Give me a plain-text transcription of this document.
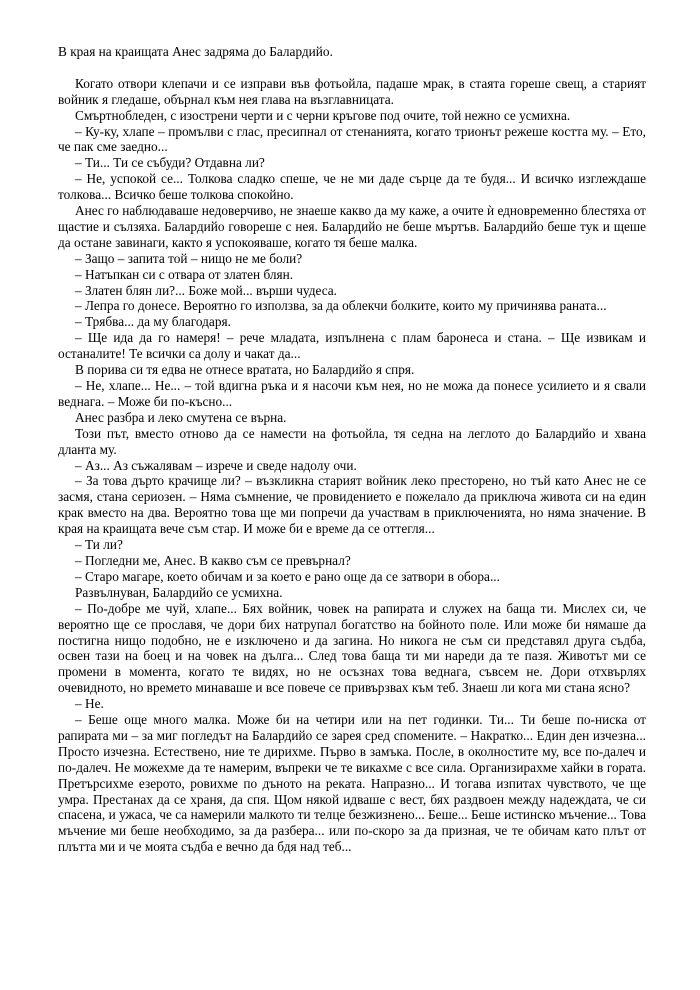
В края на краищата Анес задряма до Балардийо.

Когато отвори клепачи и се изправи във фотьойла, падаше мрак, в стаята гореше свещ, а старият войник я гледаше, обърнал към нея глава на възглавницата.

Смъртнобледен, с изострени черти и с черни кръгове под очите, той нежно се усмихна.

– Ку-ку, хлапе – промълви с глас, пресипнал от стенанията, когато трионът режеше костта му. – Ето, че пак сме заедно...

– Ти... Ти се събуди? Отдавна ли?

– Не, успокой се... Толкова сладко спеше, че не ми даде сърце да те будя... И всичко изглеждаше толкова... Всичко беше толкова спокойно.

Анес го наблюдаваше недоверчиво, не знаеше какво да му каже, а очите ѝ едновременно блестяха от щастие и сълзяха. Балардийо говореше с нея. Балардийо не беше мъртъв. Балардийо беше тук и щеше да остане завинаги, както я успокояваше, когато тя беше малка.

– Защо – запита той – нищо не ме боли?

– Натъпкан си с отвара от златен блян.

– Златен блян ли?... Боже мой... върши чудеса.

– Лепра го донесе. Вероятно го използва, за да облекчи болките, които му причинява раната...

– Трябва... да му благодаря.

– Ще ида да го намеря! – рече младата, изпълнена с плам баронеса и стана. – Ще извикам и останалите! Те всички са долу и чакат да...

В порива си тя едва не отнесе вратата, но Балардийо я спря.

– Не, хлапе... Не... – той вдигна ръка и я насочи към нея, но не можа да понесе усилието и я свали веднага. – Може би по-късно...

Анес разбра и леко смутена се върна.

Този път, вместо отново да се намести на фотьойла, тя седна на леглото до Балардийо и хвана дланта му.

– Аз... Аз съжалявам – изрече и сведе надолу очи.

– За това дърто крачище ли? – възкликна старият войник леко престорено, но тъй като Анес не се засмя, стана сериозен. – Няма съмнение, че провидението е пожелало да приключа живота си на един крак вместо на два. Вероятно това ще ми попречи да участвам в приключенията, но няма значение. В края на краищата вече съм стар. И може би е време да се оттегля...

– Ти ли?

– Погледни ме, Анес. В какво съм се превърнал?

– Старо магаре, което обичам и за което е рано още да се затвори в обора...

Развълнуван, Балардийо се усмихна.

– По-добре ме чуй, хлапе... Бях войник, човек на рапирата и служех на баща ти. Мислех си, че вероятно ще се прославя, че дори бих натрупал богатство на бойното поле. Или може би нямаше да постигна нищо подобно, не е изключено и да загина. Но никога не съм си представял друга съдба, освен тази на боец и на човек на дълга... След това баща ти ми нареди да те пазя. Животът ми се промени в момента, когато те видях, но не осъзнах това веднага, съвсем не. Дори отхвърлях очевидното, но времето минаваше и все повече се привързвах към теб. Знаеш ли кога ми стана ясно?

– Не.

– Беше още много малка. Може би на четири или на пет годинки. Ти... Ти беше по-ниска от рапирата ми – за миг погледът на Балардийо се зарея сред спомените. – Накратко... Един ден изчезна... Просто изчезна. Естествено, ние те дирихме. Първо в замъка. После, в околностите му, все по-далеч и по-далеч. Не можехме да те намерим, въпреки че те викахме с все сила. Организирахме хайки в гората. Претърсихме езерото, ровихме по дъното на реката. Напразно... И тогава изпитах чувството, че ще умра. Престанах да се храня, да спя. Щом някой идваше с вест, бях раздвоен между надеждата, че си спасена, и ужаса, че са намерили малкото ти телце безжизнено... Беше... Беше истинско мъчение... Това мъчение ми беше необходимо, за да разбера... или по-скоро за да призная, че те обичам като плът от плътта ми и че моята съдба е вечно да бдя над теб...
